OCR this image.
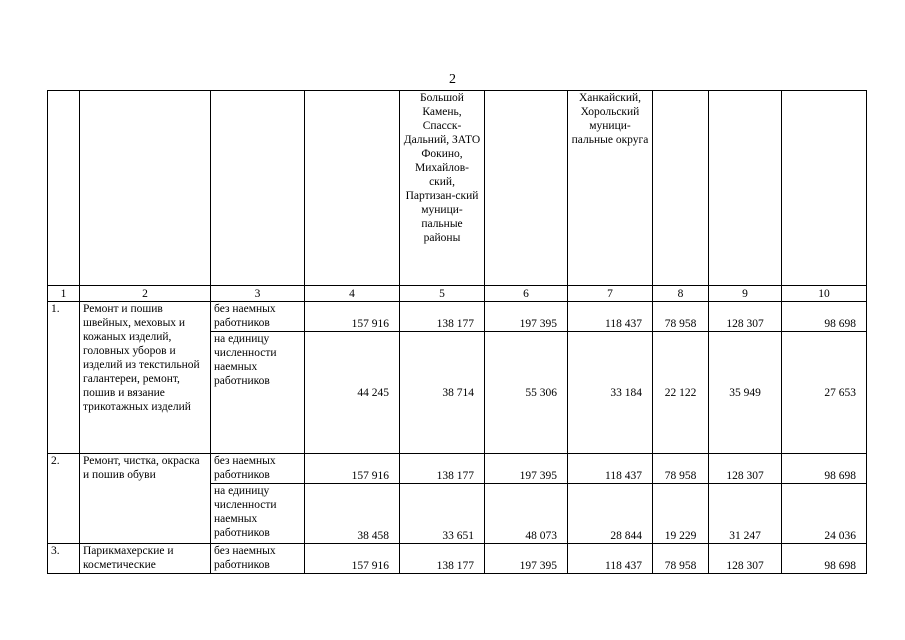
2
				Большой Камень, Спасск-Дальний, ЗАТО Фокино, Михайлов-ский, Партизан-ский муници-пальные районы		Ханкайский, Хорольский муници-пальные округа			
1	2	3	4	5	6	7	8	9	10
1.	Ремонт и пошив швейных, меховых и кожаных изделий, головных уборов и изделий из текстильной галантереи, ремонт, пошив и вязание трикотажных изделий	без наемных работников	157 916	138 177	197 395	118 437	78 958	128 307	98 698
		на единицу численности наемных работников	44 245	38 714	55 306	33 184	22 122	35 949	27 653
2.	Ремонт, чистка, окраска и пошив обуви	без наемных работников	157 916	138 177	197 395	118 437	78 958	128 307	98 698
		на единицу численности наемных работников	38 458	33 651	48 073	28 844	19 229	31 247	24 036
3.	Парикмахерские и косметические	без наемных работников	157 916	138 177	197 395	118 437	78 958	128 307	98 698
